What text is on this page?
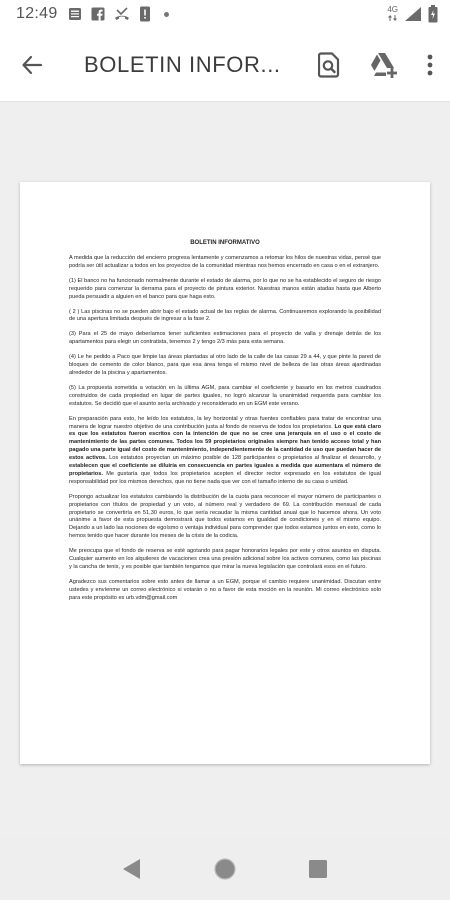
12:49	4G
BOLETIN INFOR...
BOLETIN INFORMATIVO

A medida que la reducción del encierro progresa lentamente y comenzamos a retomar los hilos de nuestras vidas, pensé que podría ser útil actualizar a todos en los proyectos de la comunidad mientras nos hemos encerrado en casa o en el extranjero.

(1) El banco no ha funcionado normalmente durante el estado de alarma, por lo que no se ha establecido el seguro de riesgo requerido para comenzar la derrama para el proyecto de pintura exterior. Nuestras manos están atadas hasta que Alberto pueda persuadir a alguien en el banco para que haga esto.

( 2 ) Las piscinas no se pueden abrir bajo el estado actual de las reglas de alarma. Continuaremos explorando la posibilidad de una apertura limitada después de ingresar a la fase 2.

(3) Para el 25 de mayo deberíamos tener suficientes estimaciones para el proyecto de valla y drenaje detrás de los apartamentos para elegir un contratista, tenemos 2 y tengo 2/3 más para esta semana.

(4) Le he pedido a Paco que limpie las áreas plantadas al otro lado de la calle de las casas 29 a 44, y que pinte la pared de bloques de cemento de color blanco, para que esa área tenga el mismo nivel de belleza de las otras áreas ajardinadas alrededor de la piscina y apartamentos.

(5) La propuesta sometida a votación en la última AGM, para cambiar el coeficiente y basarlo en los metros cuadrados construidos de cada propiedad en lugar de partes iguales, no logró alcanzar la unanimidad requerida para cambiar los estatutos. Se decidió que el asunto sería archivado y reconsiderado en un EGM este verano.

En preparación para esto, he leído los estatutos, la ley horizontal y otras fuentes confiables para tratar de encontrar una manera de lograr nuestro objetivo de una contribución justa al fondo de reserva de todos los propietarios. Lo que está claro es que los estatutos fueron escritos con la intención de que no se cree una jerarquía en el uso o el costo de mantenimiento de las partes comunes. Todos los 59 propietarios originales siempre han tenido acceso total y han pagado una parte igual del costo de mantenimiento, independientemente de la cantidad de uso que puedan hacer de estos activos. Los estatutos proyectan un máximo posible de 128 participantes o propietarios al finalizar el desarrollo, y establecen que el coeficiente se diluiría en consecuencia en partes iguales a medida que aumentara el número de propietarios. Me gustaría que todos los propietarios acepten el director rector expresado en los estatutos de igual responsabilidad por los mismos derechos, que no tiene nada que ver con el tamaño interno de su casa o unidad.

Propongo actualizar los estatutos cambiando la distribución de la cuota para reconocer el mayor número de participantes o propietarios con títulos de propiedad y un voto, al número real y verdadero de 69. La contribución mensual de cada propietario se convertiría en 51,30 euros, lo que sería recaudar la misma cantidad anual que lo hacemos ahora. Un voto unánime a favor de esta propuesta demostrará que todos estamos en igualdad de condiciones y en el mismo equipo. Dejando a un lado las nociones de egoísmo o ventaja individual para comprender que todos estamos juntos en esto, como lo hemos tenido que hacer durante los meses de la crisis de la codicia.

Me preocupa que el fondo de reserva se esté agotando para pagar honorarios legales por este y otros asuntos en disputa. Cualquier aumento en los alquileres de vacaciones crea una presión adicional sobre los activos comunes, como las piscinas y la cancha de tenis, y es posible que también tengamos que mirar la nueva legislación que controlará esos en el futuro.

Agradezco sus comentarios sobre esto antes de llamar a un EGM, porque el cambio requiere unanimidad. Discutan entre ustedes y envíenme un correo electrónico si votarán o no a favor de esta moción en la reunión. Mi correo electrónico solo para este propósito es urb.vdm@gmail.com
